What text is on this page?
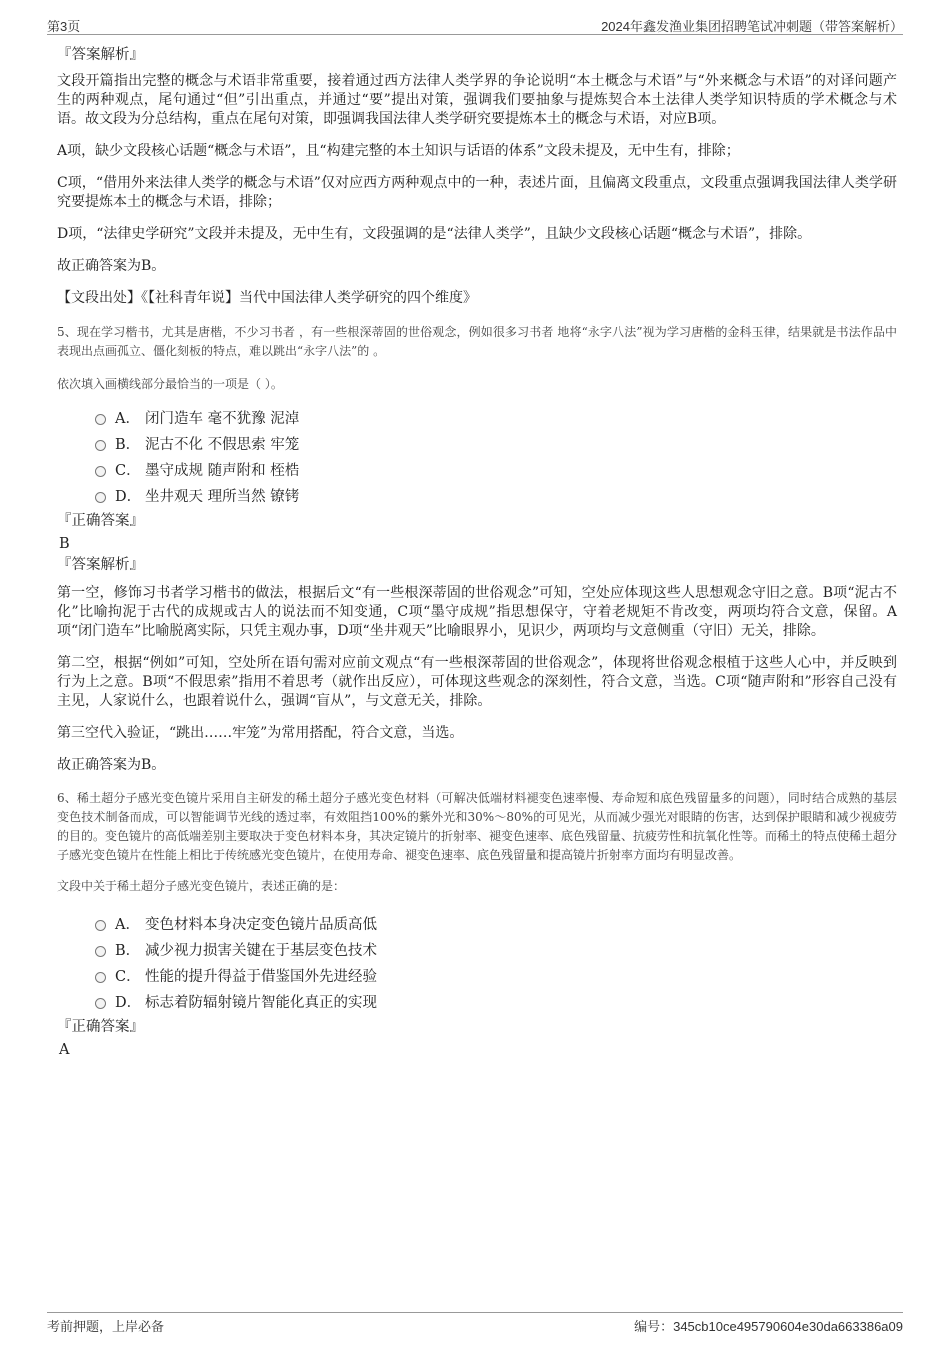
第3页	2024年鑫发渔业集团招聘笔试冲刺题（带答案解析）
『答案解析』

文段开篇指出完整的概念与术语非常重要，接着通过西方法律人类学界的争论说明“本土概念与术语”与“外来概念与术语”的对译问题产生的两种观点，尾句通过“但”引出重点，并通过“要”提出对策，强调我们要抽象与提炼契合本土法律人类学知识特质的学术概念与术语。故文段为分总结构，重点在尾句对策，即强调我国法律人类学研究要提炼本土的概念与术语，对应B项。

A项，缺少文段核心话题“概念与术语”，且“构建完整的本土知识与话语的体系”文段未提及，无中生有，排除；

C项，“借用外来法律人类学的概念与术语”仅对应西方两种观点中的一种，表述片面，且偏离文段重点，文段重点强调我国法律人类学研究要提炼本土的概念与术语，排除；

D项，“法律史学研究”文段并未提及，无中生有，文段强调的是“法律人类学”，且缺少文段核心话题“概念与术语”，排除。

故正确答案为B。

【文段出处】《【社科青年说】当代中国法律人类学研究的四个维度》

5、现在学习楷书，尤其是唐楷，不少习书者 ，有一些根深蒂固的世俗观念，例如很多习书者 地将“永字八法”视为学习唐楷的金科玉律，结果就是书法作品中表现出点画孤立、僵化刻板的特点，难以跳出“永字八法”的 。

依次填入画横线部分最恰当的一项是（ ）。

A． 闭门造车 毫不犹豫 泥淖
B． 泥古不化 不假思索 牢笼
C． 墨守成规 随声附和 桎梏
D． 坐井观天 理所当然 镣铐
『正确答案』
B
『答案解析』

第一空，修饰习书者学习楷书的做法，根据后文“有一些根深蒂固的世俗观念”可知，空处应体现这些人思想观念守旧之意。B项“泥古不化”比喻拘泥于古代的成规或古人的说法而不知变通，C项“墨守成规”指思想保守，守着老规矩不肯改变，两项均符合文意，保留。A项“闭门造车”比喻脱离实际，只凭主观办事，D项“坐井观天”比喻眼界小，见识少，两项均与文意侧重（守旧）无关，排除。

第二空，根据“例如”可知，空处所在语句需对应前文观点“有一些根深蒂固的世俗观念”，体现将世俗观念根植于这些人心中，并反映到行为上之意。B项“不假思索”指用不着思考（就作出反应），可体现这些观念的深刻性，符合文意，当选。C项“随声附和”形容自己没有主见，人家说什么，也跟着说什么，强调“盲从”，与文意无关，排除。

第三空代入验证，“跳出……牢笼”为常用搭配，符合文意，当选。

故正确答案为B。

6、稀土超分子感光变色镜片采用自主研发的稀土超分子感光变色材料（可解决低端材料褪变色速率慢、寿命短和底色残留量多的问题），同时结合成熟的基层变色技术制备而成，可以智能调节光线的透过率，有效阻挡100%的紫外光和30%～80%的可见光，从而减少强光对眼睛的伤害，达到保护眼睛和减少视疲劳的目的。变色镜片的高低端差别主要取决于变色材料本身，其决定镜片的折射率、褪变色速率、底色残留量、抗疲劳性和抗氧化性等。而稀土的特点使稀土超分子感光变色镜片在性能上相比于传统感光变色镜片，在使用寿命、褪变色速率、底色残留量和提高镜片折射率方面均有明显改善。

文段中关于稀土超分子感光变色镜片，表述正确的是：

A． 变色材料本身决定变色镜片品质高低
B． 减少视力损害关键在于基层变色技术
C． 性能的提升得益于借鉴国外先进经验
D． 标志着防辐射镜片智能化真正的实现
『正确答案』
A
考前押题，上岸必备	编号：345cb10ce495790604e30da663386a09
